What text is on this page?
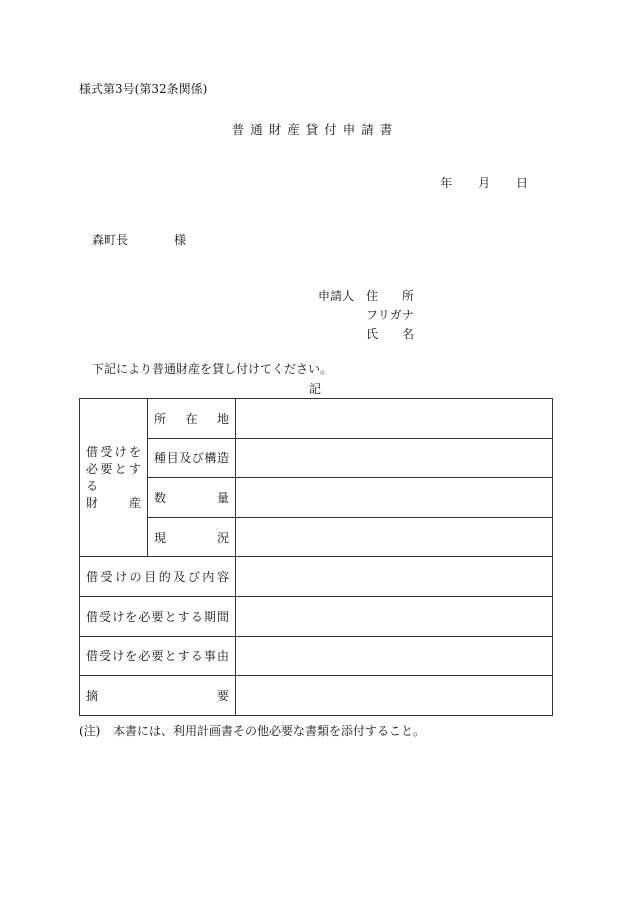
様式第3号(第32条関係)
普通財産貸付申請書
年 月 日
森町長	様
申請人 住　所
フリガナ
氏　名
下記により普通財産を貸し付けてください。
記
借受けを
必要とする
財　　産	所在地	

	種目及び構造	

	数量	

	現況	

借受けの目的及び内容		

借受けを必要とする期間		

借受けを必要とする事由		

摘要		

(注) 本書には、利用計画書その他必要な書類を添付すること。
